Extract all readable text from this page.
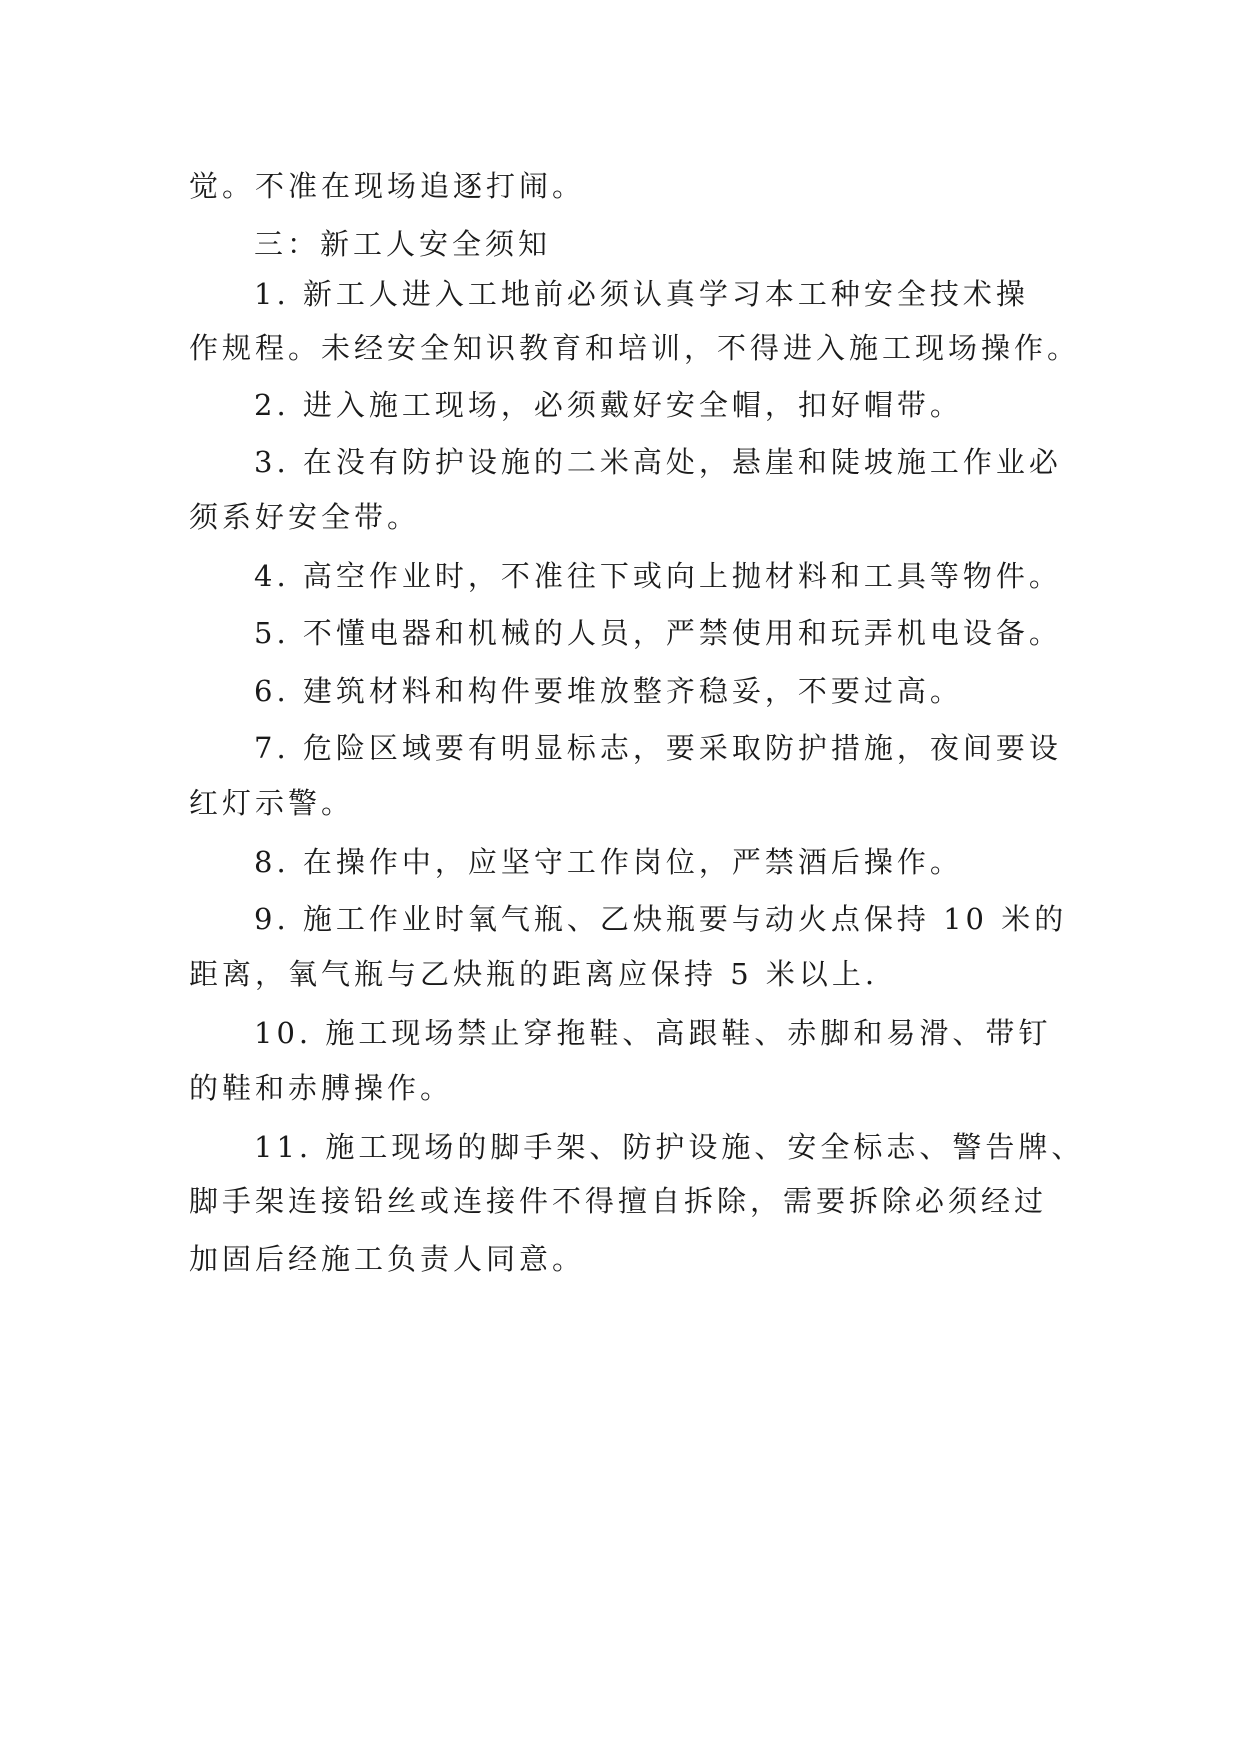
觉。不准在现场追逐打闹。
三：新工人安全须知
1. 新工人进入工地前必须认真学习本工种安全技术操
作规程。未经安全知识教育和培训，不得进入施工现场操作。
2. 进入施工现场，必须戴好安全帽，扣好帽带。
3. 在没有防护设施的二米高处，悬崖和陡坡施工作业必
须系好安全带。
4. 高空作业时，不准往下或向上抛材料和工具等物件。
5. 不懂电器和机械的人员，严禁使用和玩弄机电设备。
6. 建筑材料和构件要堆放整齐稳妥，不要过高。
7. 危险区域要有明显标志，要采取防护措施，夜间要设
红灯示警。
8. 在操作中，应坚守工作岗位，严禁酒后操作。
9. 施工作业时氧气瓶、乙炔瓶要与动火点保持 10 米的
距离，氧气瓶与乙炔瓶的距离应保持 5 米以上.
10. 施工现场禁止穿拖鞋、高跟鞋、赤脚和易滑、带钉
的鞋和赤膊操作。
11. 施工现场的脚手架、防护设施、安全标志、警告牌、
脚手架连接铅丝或连接件不得擅自拆除，需要拆除必须经过
加固后经施工负责人同意。
